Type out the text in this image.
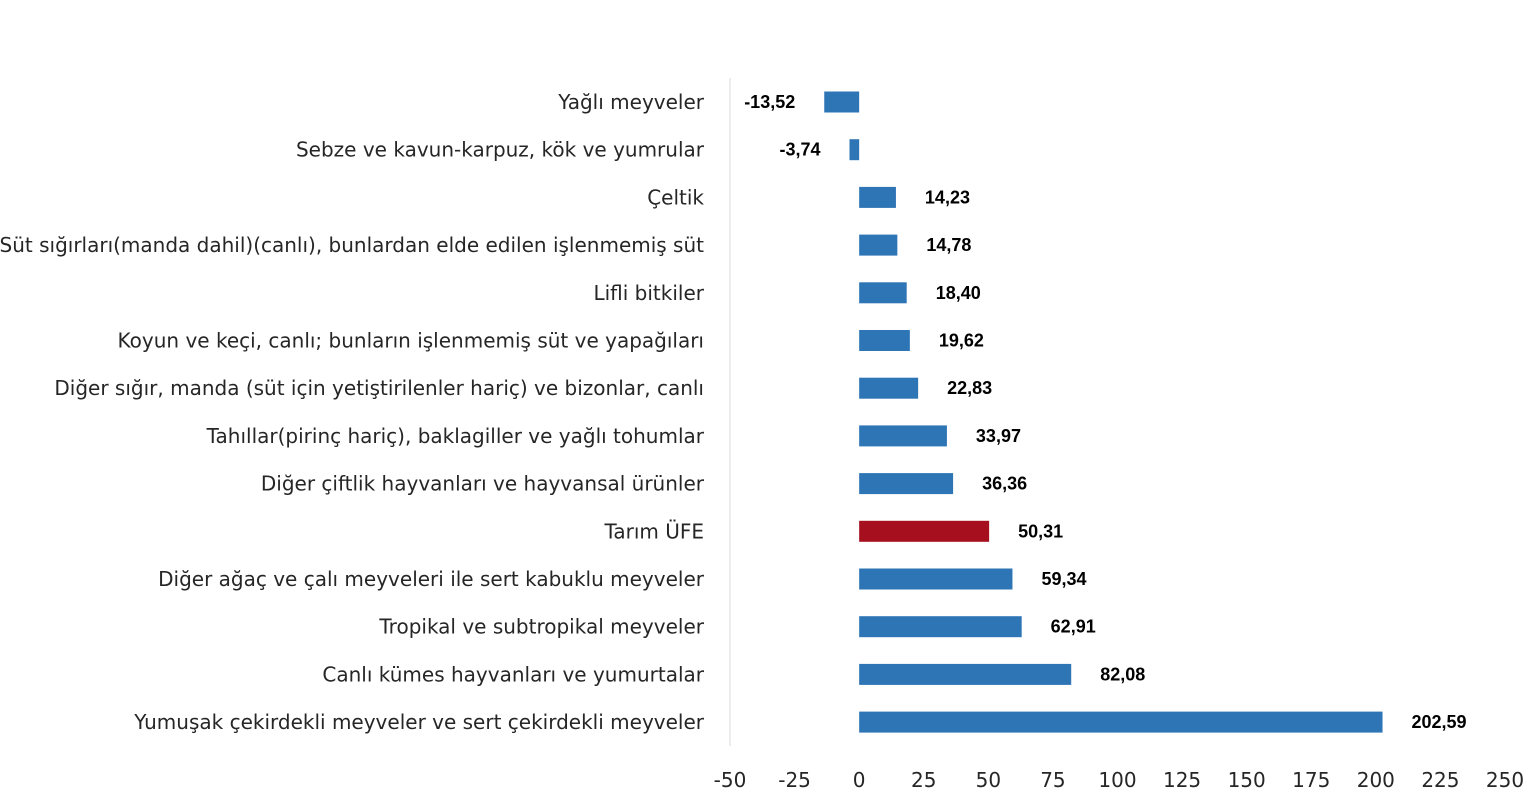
Yağlı meyveler
Sebze ve kavun-karpuz, kök ve yumrular
Çeltik
Süt sığırları(manda dahil)(canlı), bunlardan elde edilen işlenmemiş süt
Lifli bitkiler
Koyun ve keçi, canlı; bunların işlenmemiş süt ve yapağıları
Diğer sığır, manda (süt için yetiştirilenler hariç) ve bizonlar, canlı
Tahıllar(pirinç hariç), baklagiller ve yağlı tohumlar
Diğer çiftlik hayvanları ve hayvansal ürünler
Tarım ÜFE
Diğer ağaç ve çalı meyveleri ile sert kabuklu meyveler
Tropikal ve subtropikal meyveler
Canlı kümes hayvanları ve yumurtalar
Yumuşak çekirdekli meyveler ve sert çekirdekli meyveler
-13,52
-3,74
14,23
14,78
18,40
19,62
22,83
33,97
36,36
50,31
59,34
62,91
82,08
202,59
-50 -25 0 25 50 75 100 125 150 175 200 225 250
